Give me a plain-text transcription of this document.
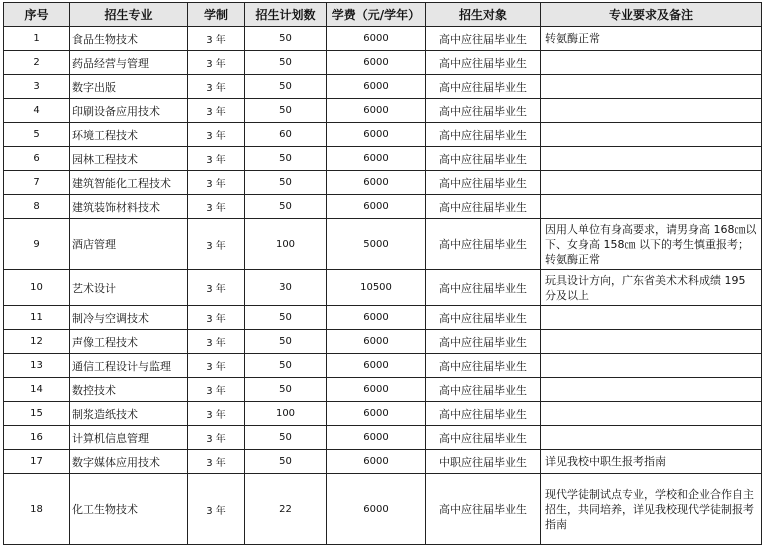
序号	招生专业	学制	招生计划数	学费（元/学年）	招生对象	专业要求及备注
1	食品生物技术	3 年	50	6000	高中应往届毕业生	转氨酶正常
2	药品经营与管理	3 年	50	6000	高中应往届毕业生	
3	数字出版	3 年	50	6000	高中应往届毕业生	
4	印刷设备应用技术	3 年	50	6000	高中应往届毕业生	
5	环境工程技术	3 年	60	6000	高中应往届毕业生	
6	园林工程技术	3 年	50	6000	高中应往届毕业生	
7	建筑智能化工程技术	3 年	50	6000	高中应往届毕业生	
8	建筑装饰材料技术	3 年	50	6000	高中应往届毕业生	
9	酒店管理	3 年	100	5000	高中应往届毕业生	因用人单位有身高要求，请男身高 168㎝以下、女身高 158㎝ 以下的考生慎重报考；转氨酶正常
10	艺术设计	3 年	30	10500	高中应往届毕业生	玩具设计方向，广东省美术术科成绩 195 分及以上
11	制冷与空调技术	3 年	50	6000	高中应往届毕业生	
12	声像工程技术	3 年	50	6000	高中应往届毕业生	
13	通信工程设计与监理	3 年	50	6000	高中应往届毕业生	
14	数控技术	3 年	50	6000	高中应往届毕业生	
15	制浆造纸技术	3 年	100	6000	高中应往届毕业生	
16	计算机信息管理	3 年	50	6000	高中应往届毕业生	
17	数字媒体应用技术	3 年	50	6000	中职应往届毕业生	详见我校中职生报考指南
18	化工生物技术	3 年	22	6000	高中应往届毕业生	现代学徒制试点专业，学校和企业合作自主招生，共同培养，详见我校现代学徒制报考指南
